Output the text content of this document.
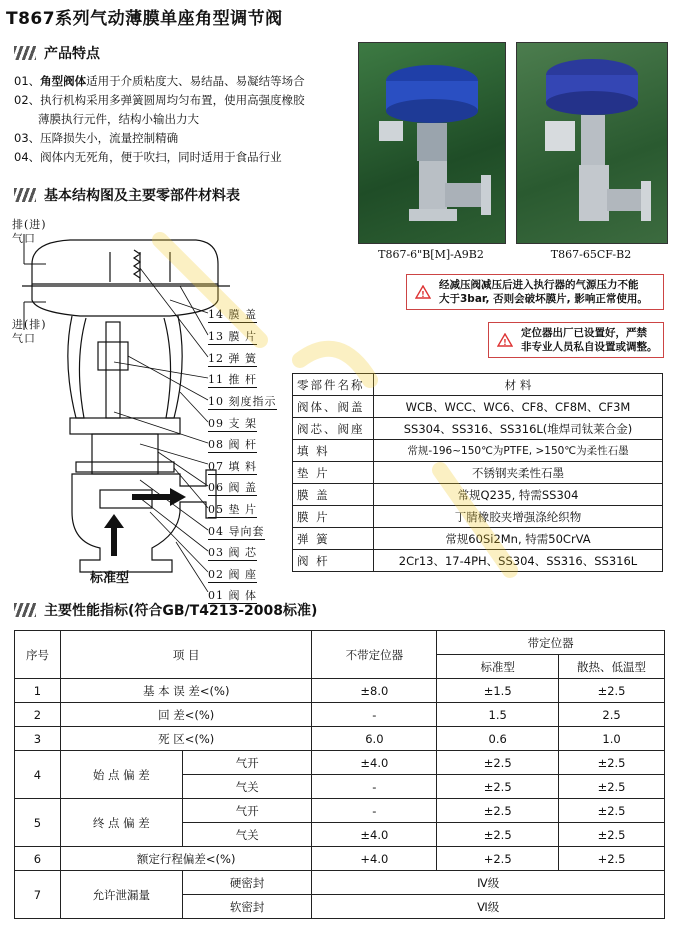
T867系列气动薄膜单座角型调节阀
产品特点
01、角型阀体适用于介质粘度大、易结晶、易凝结等场合
02、执行机构采用多弹簧圆周均匀布置，使用高强度橡胶
薄膜执行元件，结构小输出力大
03、压降损失小，流量控制精确
04、阀体内无死角，便于吹扫，同时适用于食品行业
T867-6"B[M]-A9B2	T867-65CF-B2
!
经减压阀减压后进入执行器的气源压力不能
大于3bar, 否则会破坏膜片, 影响正常使用。
!
定位器出厂已设置好，严禁
非专业人员私自设置或调整。
基本结构图及主要零部件材料表
排(进)
气口
进(排)
气口
标准型
14 膜 盖
13 膜 片
12 弹 簧
11 推 杆
10 刻度指示
09 支 架
08 阀 杆
07 填 料
06 阀 盖
05 垫 片
04 导向套
03 阀 芯
02 阀 座
01 阀 体
零部件名称	材 料
阀体、阀盖	WCB、WCC、WC6、CF8、CF8M、CF3M
阀芯、阀座	SS304、SS316、SS316L(堆焊司钛莱合金)
填 料	常规-196~150℃为PTFE, >150℃为柔性石墨
垫 片	不锈钢夹柔性石墨
膜 盖	常规Q235, 特需SS304
膜 片	丁腈橡胶夹增强涤纶织物
弹 簧	常规60Si2Mn, 特需50CrVA
阀 杆	2Cr13、17-4PH、SS304、SS316、SS316L
主要性能指标(符合GB/T4213-2008标准)
序号	项 目		不带定位器	带定位器	
				标准型	散热、低温型
1	基 本 误 差<(%)		±8.0	±1.5	±2.5
2	回 差<(%)		-	1.5	2.5
3	死 区<(%)		6.0	0.6	1.0
4	始 点 偏 差	气开	±4.0	±2.5	±2.5
		气关	-	±2.5	±2.5
5	终 点 偏 差	气开	-	±2.5	±2.5
		气关	±4.0	±2.5	±2.5
6	额定行程偏差<(%)		+4.0	+2.5	+2.5
7	允许泄漏量	硬密封	Ⅳ级		
		软密封	Ⅵ级		
